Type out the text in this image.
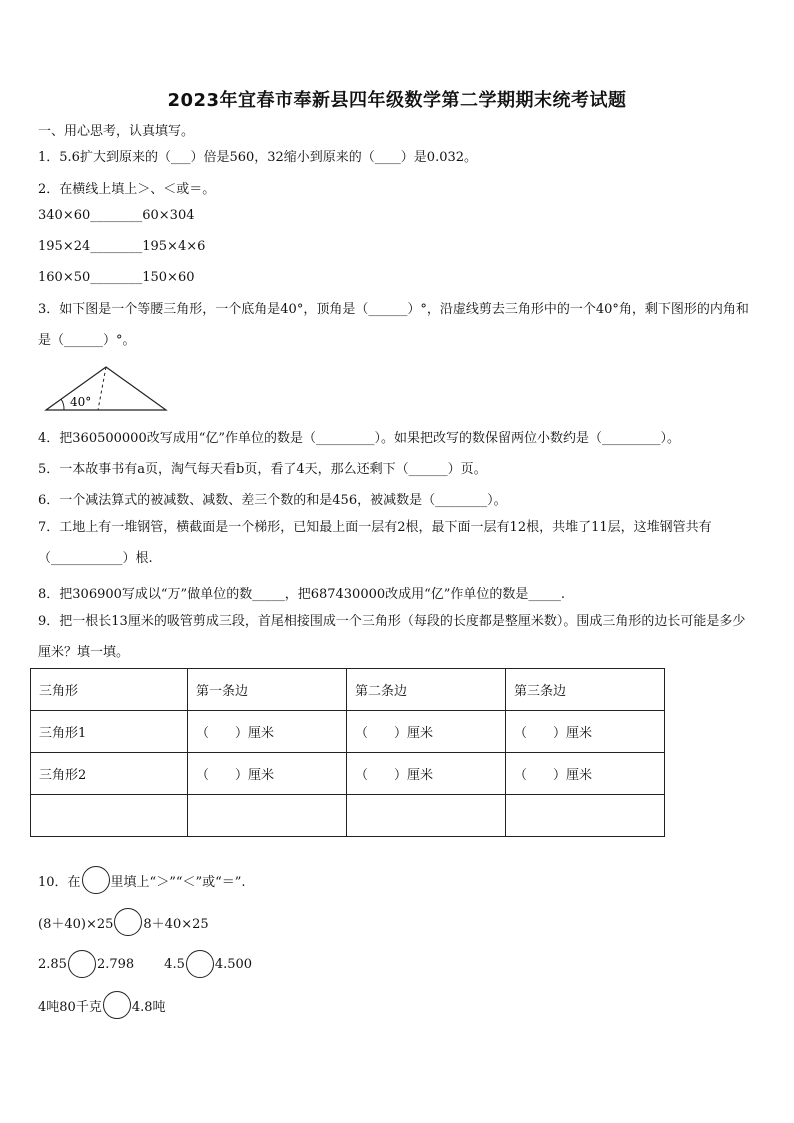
2023年宜春市奉新县四年级数学第二学期期末统考试题
一、用心思考，认真填写。
1．5.6扩大到原来的（___）倍是560，32缩小到原来的（____）是0.032。
2．在横线上填上＞、＜或＝。
340×60________60×304
195×24________195×4×6
160×50________150×60
3．如下图是一个等腰三角形，一个底角是40°，顶角是（______）°，沿虚线剪去三角形中的一个40°角，剩下图形的内角和是（______）°。
40°
4．把360500000改写成用“亿”作单位的数是（_________）。如果把改写的数保留两位小数约是（_________）。
5．一本故事书有a页，淘气每天看b页，看了4天，那么还剩下（______）页。
6．一个减法算式的被减数、减数、差三个数的和是456，被减数是（________）。
7．工地上有一堆钢管，横截面是一个梯形，已知最上面一层有2根，最下面一层有12根，共堆了11层，这堆钢管共有（___________）根.
8．把306900写成以“万”做单位的数_____，把687430000改成用“亿”作单位的数是_____.
9．把一根长13厘米的吸管剪成三段，首尾相接围成一个三角形（每段的长度都是整厘米数）。围成三角形的边长可能是多少厘米？填一填。
三角形	第一条边	第二条边	第三条边
三角形1	（　　）厘米	（　　）厘米	（　　）厘米
三角形2	（　　）厘米	（　　）厘米	（　　）厘米

10．在 里填上“＞”“＜”或“＝”.
(8＋40)×25 8＋40×25
2.85 2.798 4.5 4.500
4吨80千克 4.8吨
